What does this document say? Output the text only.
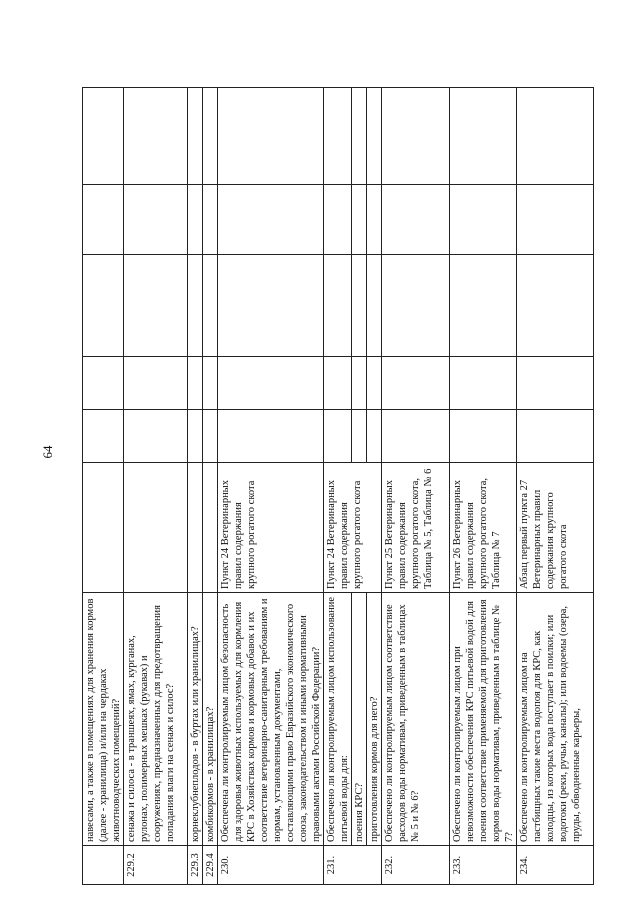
64
	навесами, а также в помещениях для хранения кормов (далее - хранилища) и/или на чердаках животноводческих помещений?						
229.2	сенажа и силоса - в траншеях, ямах, курганах, рулонах, полимерных мешках (рукавах) и сооружениях, предназначенных для предотвращения попадания влаги на сенаж и силос?						
229.3	корнеклубнеплодов - в буртах или хранилищах?						
229.4	комбикормов - в хранилищах?						
230.	Обеспечена ли контролируемым лицом безопасность для здоровья животных используемых для кормления КРС в Хозяйствах кормов и кормовых добавок и их соответствие ветеринарно-санитарным требованиям и нормам, установленным документами, составляющими право Евразийского экономического союза, законодательством и иными нормативными правовыми актами Российской Федерации?	Пункт 24 Ветеринарных правил содержания крупного рогатого скота					
231.	Обеспечено ли контролируемым лицом использование питьевой воды для:	Пункт 24 Ветеринарных правил содержания крупного рогатого скота					
	поения КРС?						
	приготовления кормов для него?						
232.	Обеспечено ли контролируемым лицом соответствие расходов воды нормативам, приведенным в таблицах № 5 и № 6?	Пункт 25 Ветеринарных правил содержания крупного рогатого скота, Таблица № 5, Таблица № 6					
233.	Обеспечено ли контролируемым лицом при невозможности обеспечения КРС питьевой водой для поения соответствие применяемой для приготовления кормов воды нормативам, приведенным в таблице № 7?	Пункт 26 Ветеринарных правил содержания крупного рогатого скота, Таблица № 7					
234.	Обеспечено ли контролируемым лицом на пастбищных такие места водопоя для КРС, как колодцы, из которых вода поступает в поилки; или водотоки (реки, ручьи, каналы); или водоемы (озера, пруды, обводненные карьеры,	Абзац первый пункта 27 Ветеринарных правил содержания крупного рогатого скота					
